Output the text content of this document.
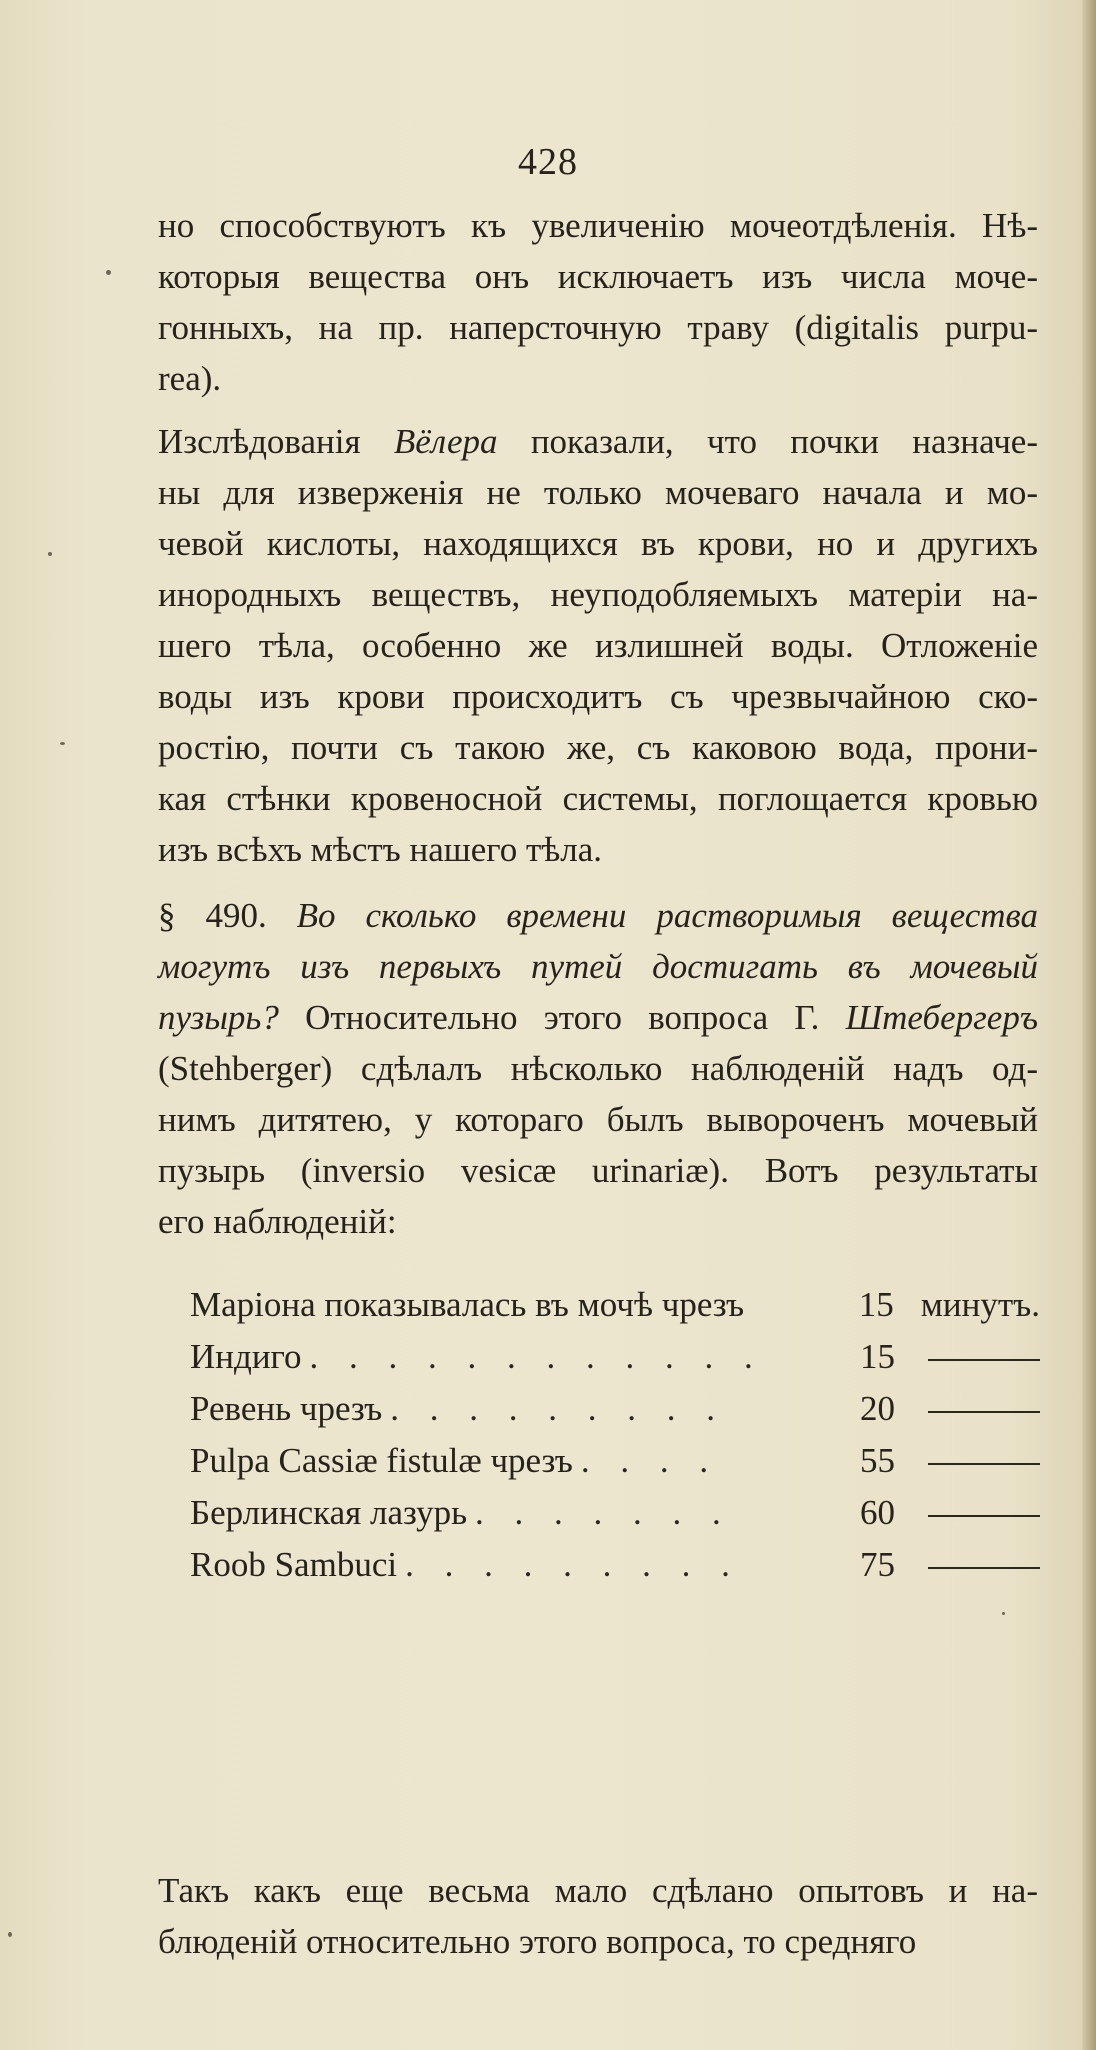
428
но способствуютъ къ увеличенію мочеотдѣленія. Нѣ-
которыя вещества онъ исключаетъ изъ числа моче-
гонныхъ, на пр. наперсточную траву (digitalis purpu-
rea).
Изслѣдованія Вёлера показали, что почки назначе-
ны для изверженія не только мочеваго начала и мо-
чевой кислоты, находящихся въ крови, но и другихъ
инородныхъ веществъ, неуподобляемыхъ матеріи на-
шего тѣла, особенно же излишней воды. Отложеніе
воды изъ крови происходитъ съ чрезвычайною ско-
ростію, почти съ такою же, съ каковою вода, прони-
кая стѣнки кровеносной системы, поглощается кровью
изъ всѣхъ мѣстъ нашего тѣла.
§ 490. Во сколько времени растворимыя вещества
могутъ изъ первыхъ путей достигать въ мочевый
пузырь? Относительно этого вопроса Г. Штебергеръ
(Stehberger) сдѣлалъ нѣсколько наблюденій надъ од-
нимъ дитятею, у котораго былъ вывороченъ мочевый
пузырь (inversio vesicæ urinariæ). Вотъ результаты
его наблюденій:
Маріона показывалась въ мочѣ чрезъ	15 минутъ.
Индиго . . . . . . . . . . . .	15
Ревень чрезъ . . . . . . . . .	20
Pulpa Cassiæ fistulæ чрезъ . . . .	55
Берлинская лазурь . . . . . . .	60
Roob Sambuci . . . . . . . . .	75
Такъ какъ еще весьма мало сдѣлано опытовъ и на-
блюденій относительно этого вопроса, то средняго
